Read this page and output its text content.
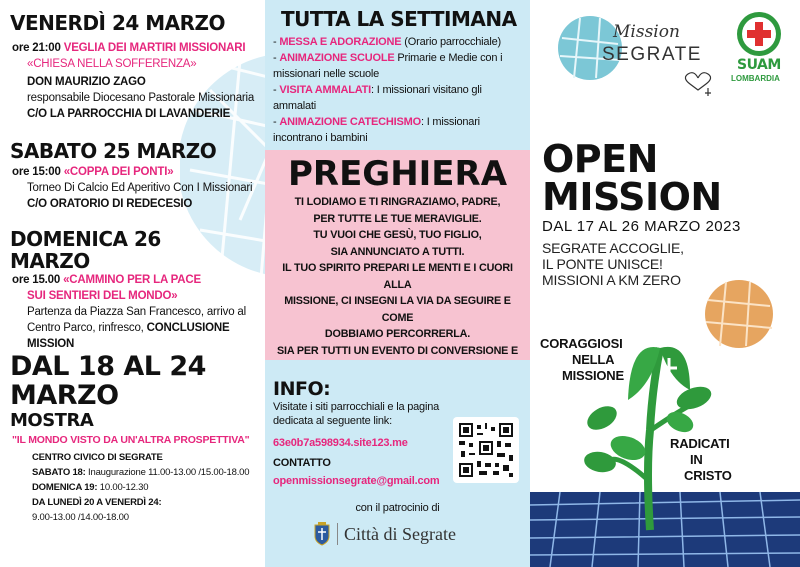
VENERDÌ 24 MARZO
ore 21:00 VEGLIA DEI MARTIRI MISSIONARI
«CHIESA NELLA SOFFERENZA»
DON MAURIZIO ZAGO
responsabile Diocesano Pastorale Missionaria
C/O LA PARROCCHIA DI LAVANDERIE
SABATO 25 MARZO
ore 15:00 «COPPA DEI PONTI»
Torneo Di Calcio Ed Aperitivo Con I Missionari
C/O ORATORIO DI REDECESIO
DOMENICA 26
MARZO
ore 15.00 «CAMMINO PER LA PACE
SUI SENTIERI DEL MONDO»
Partenza da Piazza San Francesco, arrivo al
Centro Parco, rinfresco, CONCLUSIONE MISSION
DAL 18 AL 24
MARZO
MOSTRA
"IL MONDO VISTO DA UN'ALTRA PROSPETTIVA"
CENTRO CIVICO DI SEGRATE
SABATO 18: Inaugurazione 11.00-13.00 /15.00-18.00
DOMENICA 19: 10.00-12.30
DA LUNEDÌ 20 A VENERDÌ 24:
9.00-13.00 /14.00-18.00
TUTTA LA SETTIMANA
- MESSA E ADORAZIONE (Orario parrocchiale)
- ANIMAZIONE SCUOLE Primarie e Medie con i missionari nelle scuole
- VISITA AMMALATI: I missionari visitano gli ammalati
- ANIMAZIONE CATECHISMO: I missionari incontrano i bambini
PREGHIERA
TI LODIAMO E TI RINGRAZIAMO, PADRE,
PER TUTTE LE TUE MERAVIGLIE.
TU VUOI CHE GESÙ, TUO FIGLIO,
SIA ANNUNCIATO A TUTTI.
IL TUO SPIRITO PREPARI LE MENTI E I CUORI ALLA
MISSIONE, CI INSEGNI LA VIA DA SEGUIRE E COME
DOBBIAMO PERCORRERLA.
SIA PER TUTTI UN EVENTO DI CONVERSIONE E
INFO:
Visitate i siti parrocchiali e la pagina dedicata al seguente link:
63e0b7a598934.site123.me
CONTATTO
openmissionsegrate@gmail.com
con il patrocinio di
Città di Segrate
Mission
SEGRATE	SUAM
LOMBARDIA
OPEN
MISSION
DAL 17 AL 26 MARZO 2023
SEGRATE ACCOGLIE,
IL PONTE UNISCE!
MISSIONI A KM ZERO
CORAGGIOSI
NELLA
MISSIONE
RADICATI
IN
CRISTO
